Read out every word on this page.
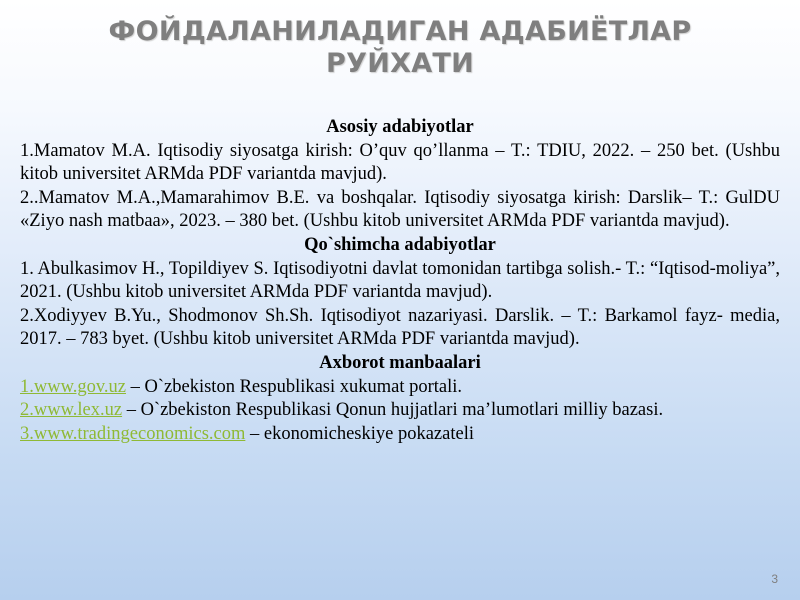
ФОЙДАЛАНИЛАДИГАН АДАБИЁТЛАР
РУЙХАТИ
Asosiy adabiyotlar
1.Mamatov M.A. Iqtisodiy siyosatga kirish: O’quv qo’llanma – T.: TDIU, 2022. – 250 bet. (Ushbu kitob universitet ARMda PDF variantda mavjud).
2..Mamatov M.A.,Mamarahimov B.E. va boshqalar. Iqtisodiy siyosatga kirish: Darslik– T.: GulDU «Ziyo nash matbaa», 2023. – 380 bet. (Ushbu kitob universitet ARMda PDF variantda mavjud).
Qo`shimcha adabiyotlar
1. Abulkasimov H., Topildiyev S. Iqtisodiyotni davlat tomonidan tartibga solish.- T.: “Iqtisod-moliya”, 2021. (Ushbu kitob universitet ARMda PDF variantda mavjud).
2.Xodiyyev B.Yu., Shodmonov Sh.Sh. Iqtisodiyot nazariyasi. Darslik. – T.: Barkamol fayz- media, 2017. – 783 byet. (Ushbu kitob universitet ARMda PDF variantda mavjud).
Axborot manbaalari
1.www.gov.uz – O`zbekiston Respublikasi xukumat portali.
2.www.lex.uz – O`zbekiston Respublikasi Qonun hujjatlari ma’lumotlari milliy bazasi.
3.www.tradingeconomics.com – ekonomicheskiye pokazateli
3
